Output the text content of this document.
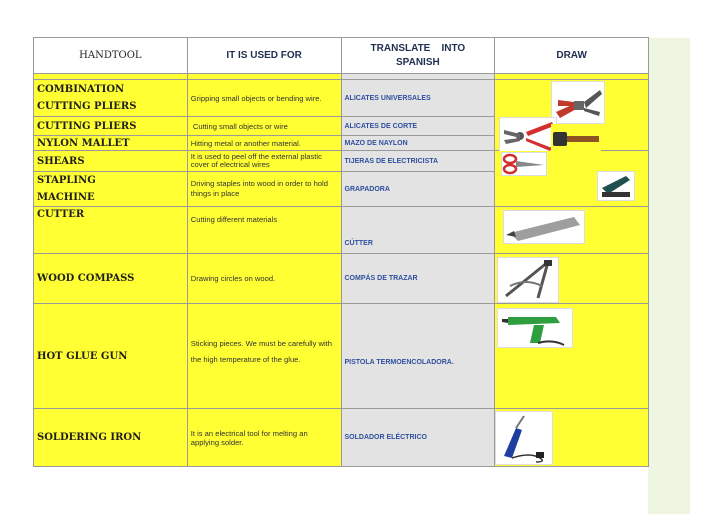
HANDTOOL	IT IS USED FOR	TRANSLATE    INTO
SPANISH	DRAW

COMBINATION
CUTTING PLIERS	Gripping small objects or bending wire.	ALICATES UNIVERSALES	

CUTTING PLIERS	Cutting small objects or wire	ALICATES DE CORTE	
NYLON MALLET	Hitting metal or another material.	MAZO DE NAYLON	
SHEARS	It is used to peel off the external plastic cover of electrical wires	TIJERAS DE ELECTRICISTA	

STAPLING
MACHINE	Driving staples into wood in order to hold things in place	GRAPADORA	
CUTTER	Cutting different materials	CÚTTER	

WOOD COMPASS	Drawing circles on wood.	COMPÁS DE TRAZAR	

HOT GLUE GUN	Sticking pieces. We must be carefully with the high temperature of the glue.	PISTOLA TERMOENCOLADORA.	

SOLDERING IRON	It is an electrical tool for melting an applying solder.	SOLDADOR ELÉCTRICO	
